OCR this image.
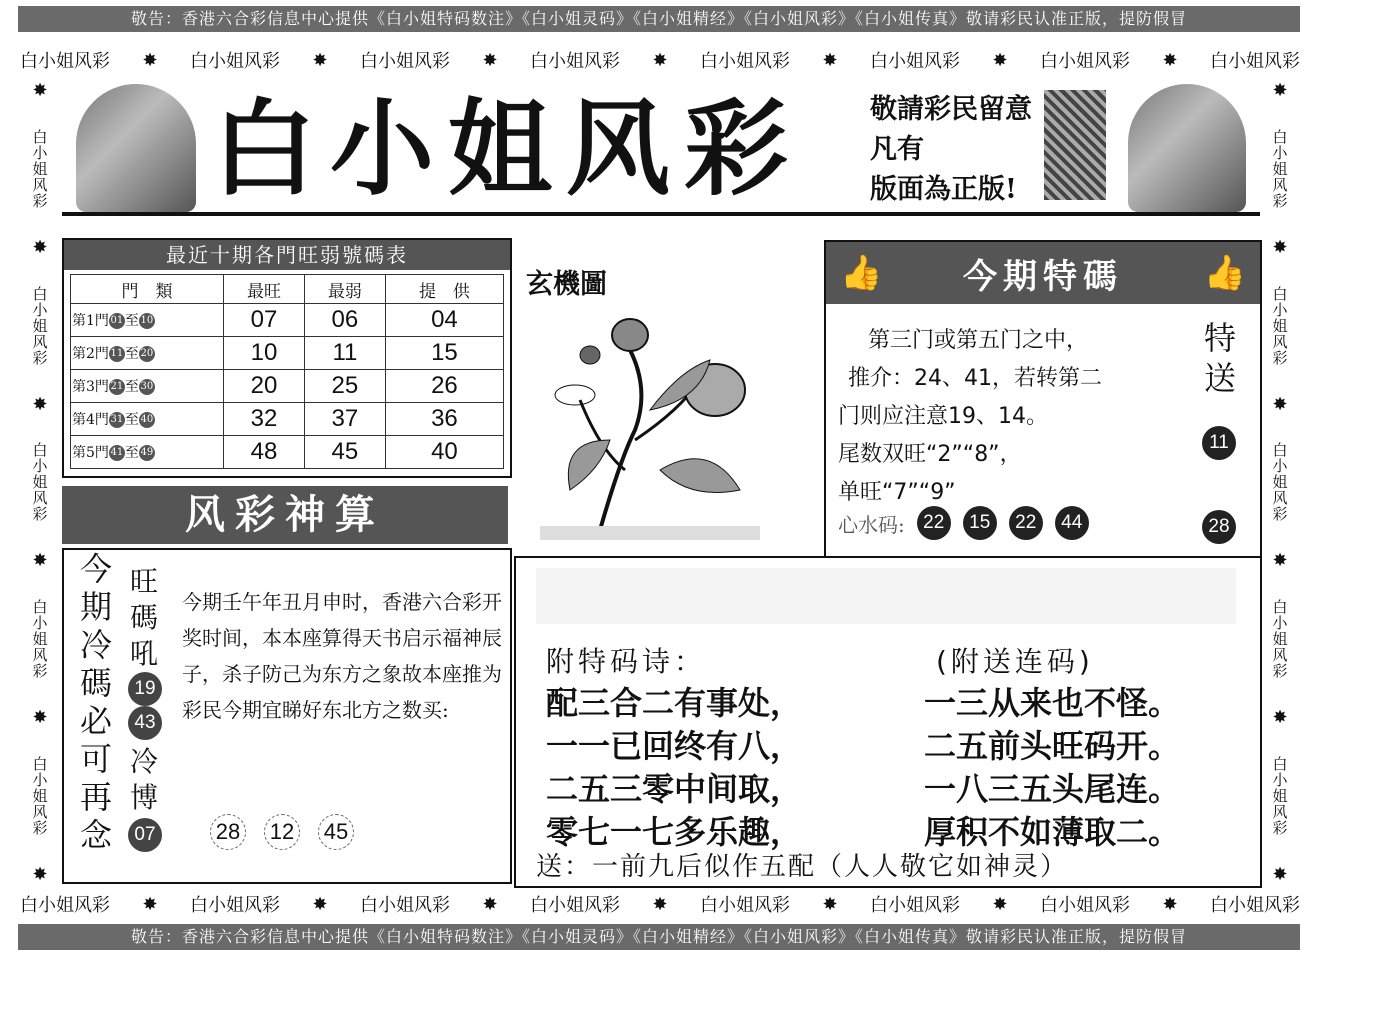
敬告：香港六合彩信息中心提供《白小姐特码数注》《白小姐灵码》《白小姐精经》《白小姐风彩》《白小姐传真》敬请彩民认准正版，提防假冒
白小姐风彩 ✸ 白小姐风彩 ✸ 白小姐风彩 ✸ 白小姐风彩 ✸ 白小姐风彩 ✸ 白小姐风彩 ✸ 白小姐风彩 ✸ 白小姐风彩
✸
白小姐风彩
✸
白小姐风彩
✸
白小姐风彩
✸
白小姐风彩
✸
白小姐风彩
✸
✸
白小姐风彩
✸
白小姐风彩
✸
白小姐风彩
✸
白小姐风彩
✸
白小姐风彩
✸
白小姐风彩	敬請彩民留意
凡有
版面為正版!
最近十期各門旺弱號碼表
門　類	最旺	最弱	提　供
第1門 01 至 10	07	06	04
第2門 11 至 20	10	11	15
第3門 21 至 30	20	25	26
第4門 31 至 40	32	37	36
第5門 41 至 49	48	45	40
玄機圖	👍 今期特碼 👍
第三门或第五门之中，
推介：24、41，若转第二
门则应注意19、14。
尾数双旺“2”“8”，
单旺“7”“9”
心水码: 22	15	22	44
特送
11
28
风彩神算
今期冷碼必可再念
旺碼吼
19
43
冷博
07
今期壬午年丑月申时，香港六合彩开奖时间，本本座算得天书启示福神辰子，杀子防己为东方之象故本座推为彩民今期宜睇好东北方之数买:
28 12 45
附特码诗：	(附送连码)
配三合二有事处，
一一已回终有八，
二五三零中间取，
零七一七多乐趣，
一三从来也不怪。
二五前头旺码开。
一八三五头尾连。
厚积不如薄取二。
送：一前九后似作五配（人人敬它如神灵）
白小姐风彩 ✸ 白小姐风彩 ✸ 白小姐风彩 ✸ 白小姐风彩 ✸ 白小姐风彩 ✸ 白小姐风彩 ✸ 白小姐风彩 ✸ 白小姐风彩
敬告：香港六合彩信息中心提供《白小姐特码数注》《白小姐灵码》《白小姐精经》《白小姐风彩》《白小姐传真》敬请彩民认准正版，提防假冒
